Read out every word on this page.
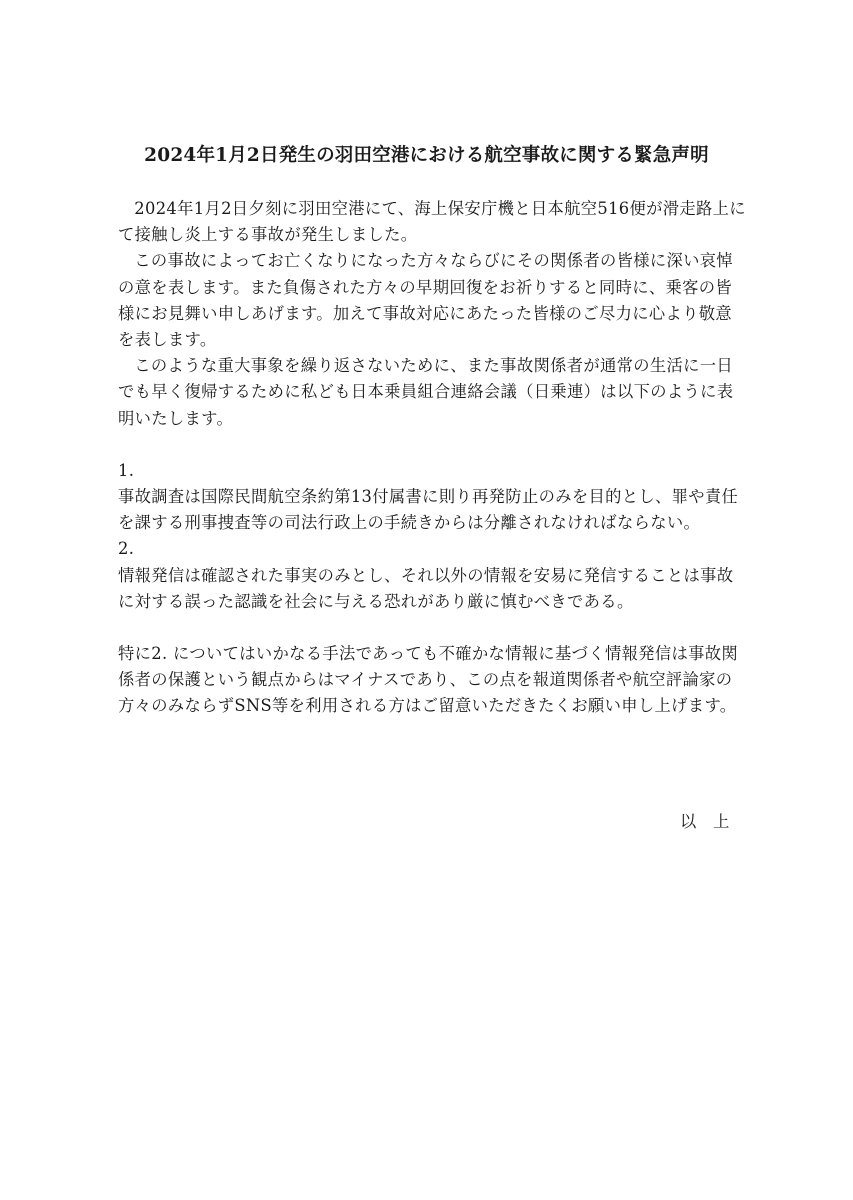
2024年1月2日発生の羽田空港における航空事故に関する緊急声明

2024年1月2日夕刻に羽田空港にて、海上保安庁機と日本航空516便が滑走路上にて接触し炎上する事故が発生しました。

この事故によってお亡くなりになった方々ならびにその関係者の皆様に深い哀悼の意を表します。また負傷された方々の早期回復をお祈りすると同時に、乗客の皆様にお見舞い申しあげます。加えて事故対応にあたった皆様のご尽力に心より敬意を表します。

このような重大事象を繰り返さないために、また事故関係者が通常の生活に一日でも早く復帰するために私ども日本乗員組合連絡会議（日乗連）は以下のように表明いたします。

1.

事故調査は国際民間航空条約第13付属書に則り再発防止のみを目的とし、罪や責任を課する刑事捜査等の司法行政上の手続きからは分離されなければならない。

2.

情報発信は確認された事実のみとし、それ以外の情報を安易に発信することは事故に対する誤った認識を社会に与える恐れがあり厳に慎むべきである。

特に2. についてはいかなる手法であっても不確かな情報に基づく情報発信は事故関係者の保護という観点からはマイナスであり、この点を報道関係者や航空評論家の方々のみならずSNS等を利用される方はご留意いただきたくお願い申し上げます。

以　上
